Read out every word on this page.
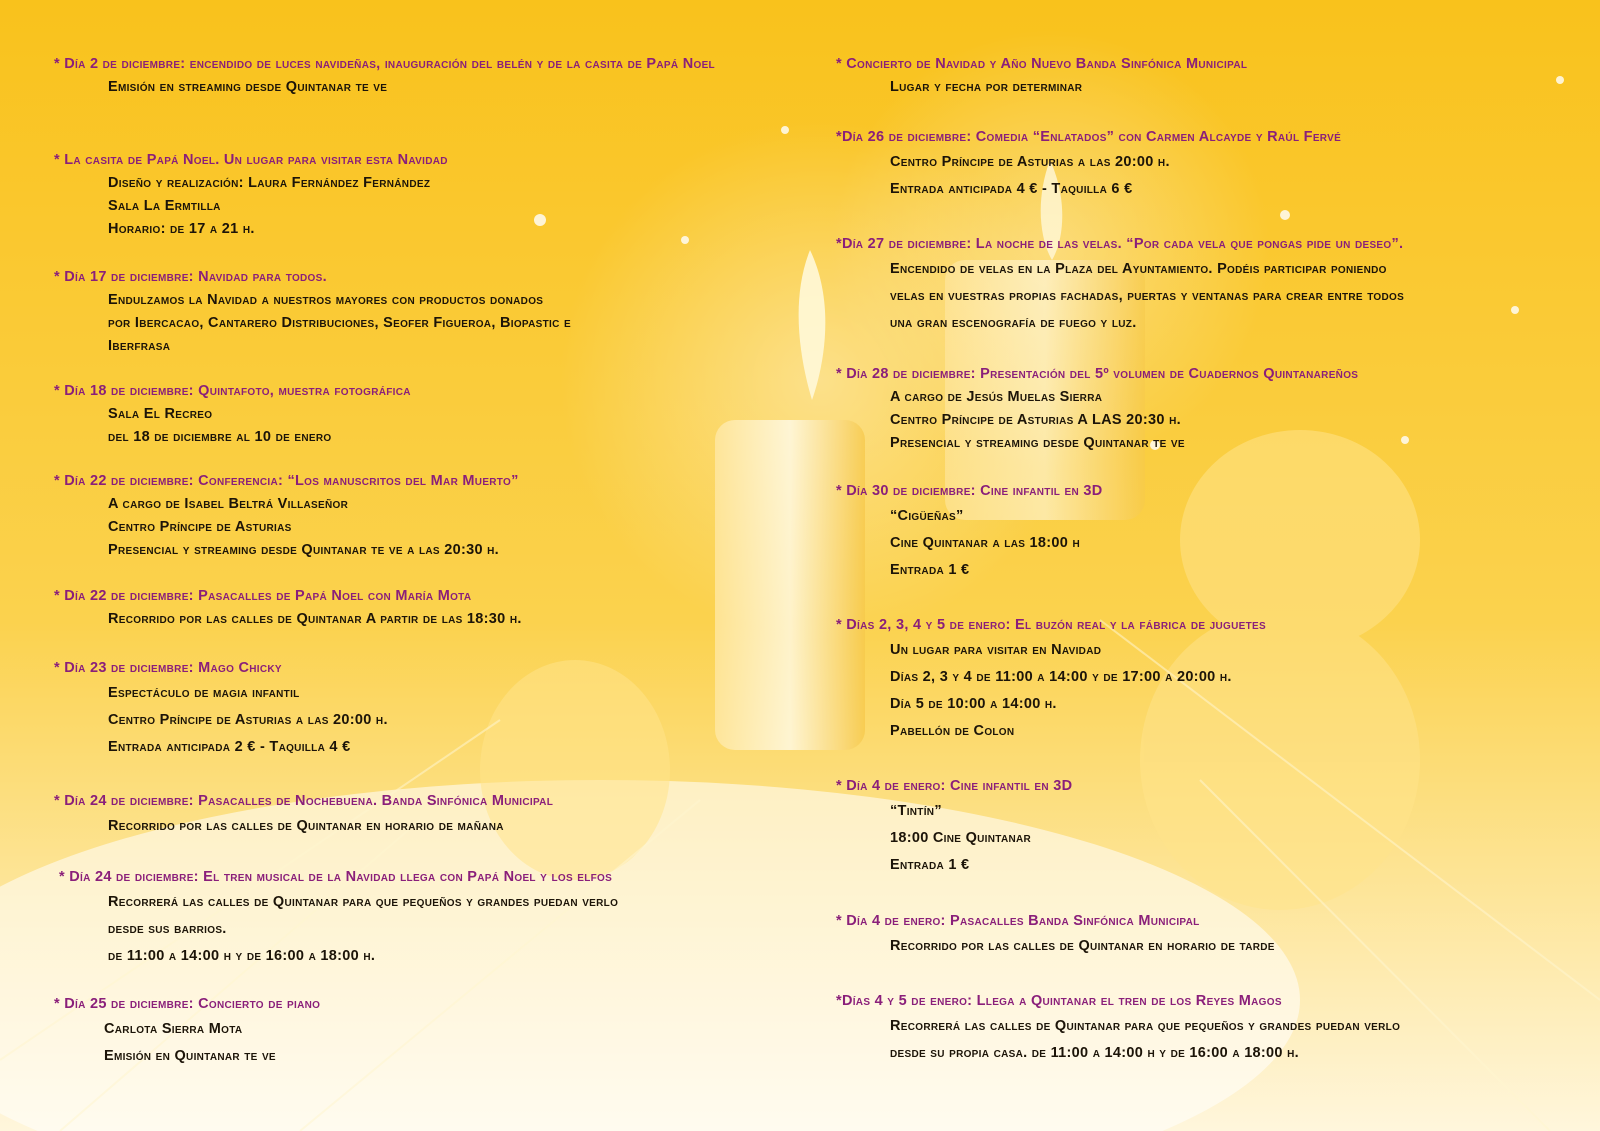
* Día 2 de diciembre: encendido de luces navideñas, inauguración del belén y de la casita de Papá Noel
Emisión en streaming desde Quintanar te ve
* La casita de Papá Noel. Un lugar para visitar esta Navidad
Diseño y realización: Laura Fernández Fernández
Sala La Ermtilla
Horario: de 17 a 21 h.
* Día 17 de diciembre: Navidad para todos.
Endulzamos la Navidad a nuestros mayores con productos donados
por Ibercacao, Cantarero Distribuciones, Seofer Figueroa, Biopastic e
Iberfrasa
* Día 18 de diciembre: Quintafoto, muestra fotográfica
Sala El Recreo
del 18 de diciembre al 10 de enero
* Día 22 de diciembre: Conferencia: “Los manuscritos del Mar Muerto”
A cargo de Isabel Beltrá Villaseñor
Centro Príncipe de Asturias
Presencial y streaming desde Quintanar te ve a las 20:30 h.
* Día 22 de diciembre: Pasacalles de Papá Noel con María Mota
Recorrido por las calles de Quintanar A partir de las 18:30 h.
* Día 23 de diciembre: Mago Chicky
Espectáculo de magia infantil
Centro Príncipe de Asturias a las 20:00 h.
Entrada anticipada 2 € - Taquilla 4 €
* Día 24 de diciembre: Pasacalles de Nochebuena. Banda Sinfónica Municipal
Recorrido por las calles de Quintanar en horario de mañana
* Día 24 de diciembre: El tren musical de la Navidad llega con Papá Noel y los elfos
Recorrerá las calles de Quintanar para que pequeños y grandes puedan verlo
desde sus barrios.
de 11:00 a 14:00 h y de 16:00 a 18:00 h.
* Día 25 de diciembre: Concierto de piano
Carlota Sierra Mota
Emisión en Quintanar te ve
* Concierto de Navidad y Año Nuevo Banda Sinfónica Municipal
Lugar y fecha por determinar
*Día 26 de diciembre: Comedia “Enlatados” con Carmen Alcayde y Raúl Fervé
Centro Príncipe de Asturias a las 20:00 h.
Entrada anticipada 4 € - Taquilla 6 €
*Día 27 de diciembre: La noche de las velas. “Por cada vela que pongas pide un deseo”.
Encendido de velas en la Plaza del Ayuntamiento. Podéis participar poniendo
velas en vuestras propias fachadas, puertas y ventanas para crear entre todos
una gran escenografía de fuego y luz.
* Día 28 de diciembre: Presentación del 5º volumen de Cuadernos Quintanareños
A cargo de Jesús Muelas Sierra
Centro Príncipe de Asturias A LAS 20:30 h.
Presencial y streaming desde Quintanar te ve
* Día 30 de diciembre: Cine infantil en 3D
“Cigüeñas”
Cine Quintanar a las 18:00 h
Entrada 1 €
* Días 2, 3, 4 y 5 de enero: El buzón real y la fábrica de juguetes
Un lugar para visitar en Navidad
Días 2, 3 y 4 de 11:00 a 14:00 y de 17:00 a 20:00 h.
Día 5 de 10:00 a 14:00 h.
Pabellón de Colon
* Día 4 de enero: Cine infantil en 3D
“Tintín”
18:00 Cine Quintanar
Entrada 1 €
* Día 4 de enero: Pasacalles Banda Sinfónica Municipal
Recorrido por las calles de Quintanar en horario de tarde
*Días 4 y 5 de enero: Llega a Quintanar el tren de los Reyes Magos
Recorrerá las calles de Quintanar para que pequeños y grandes puedan verlo
desde su propia casa. de 11:00 a 14:00 h y de 16:00 a 18:00 h.
